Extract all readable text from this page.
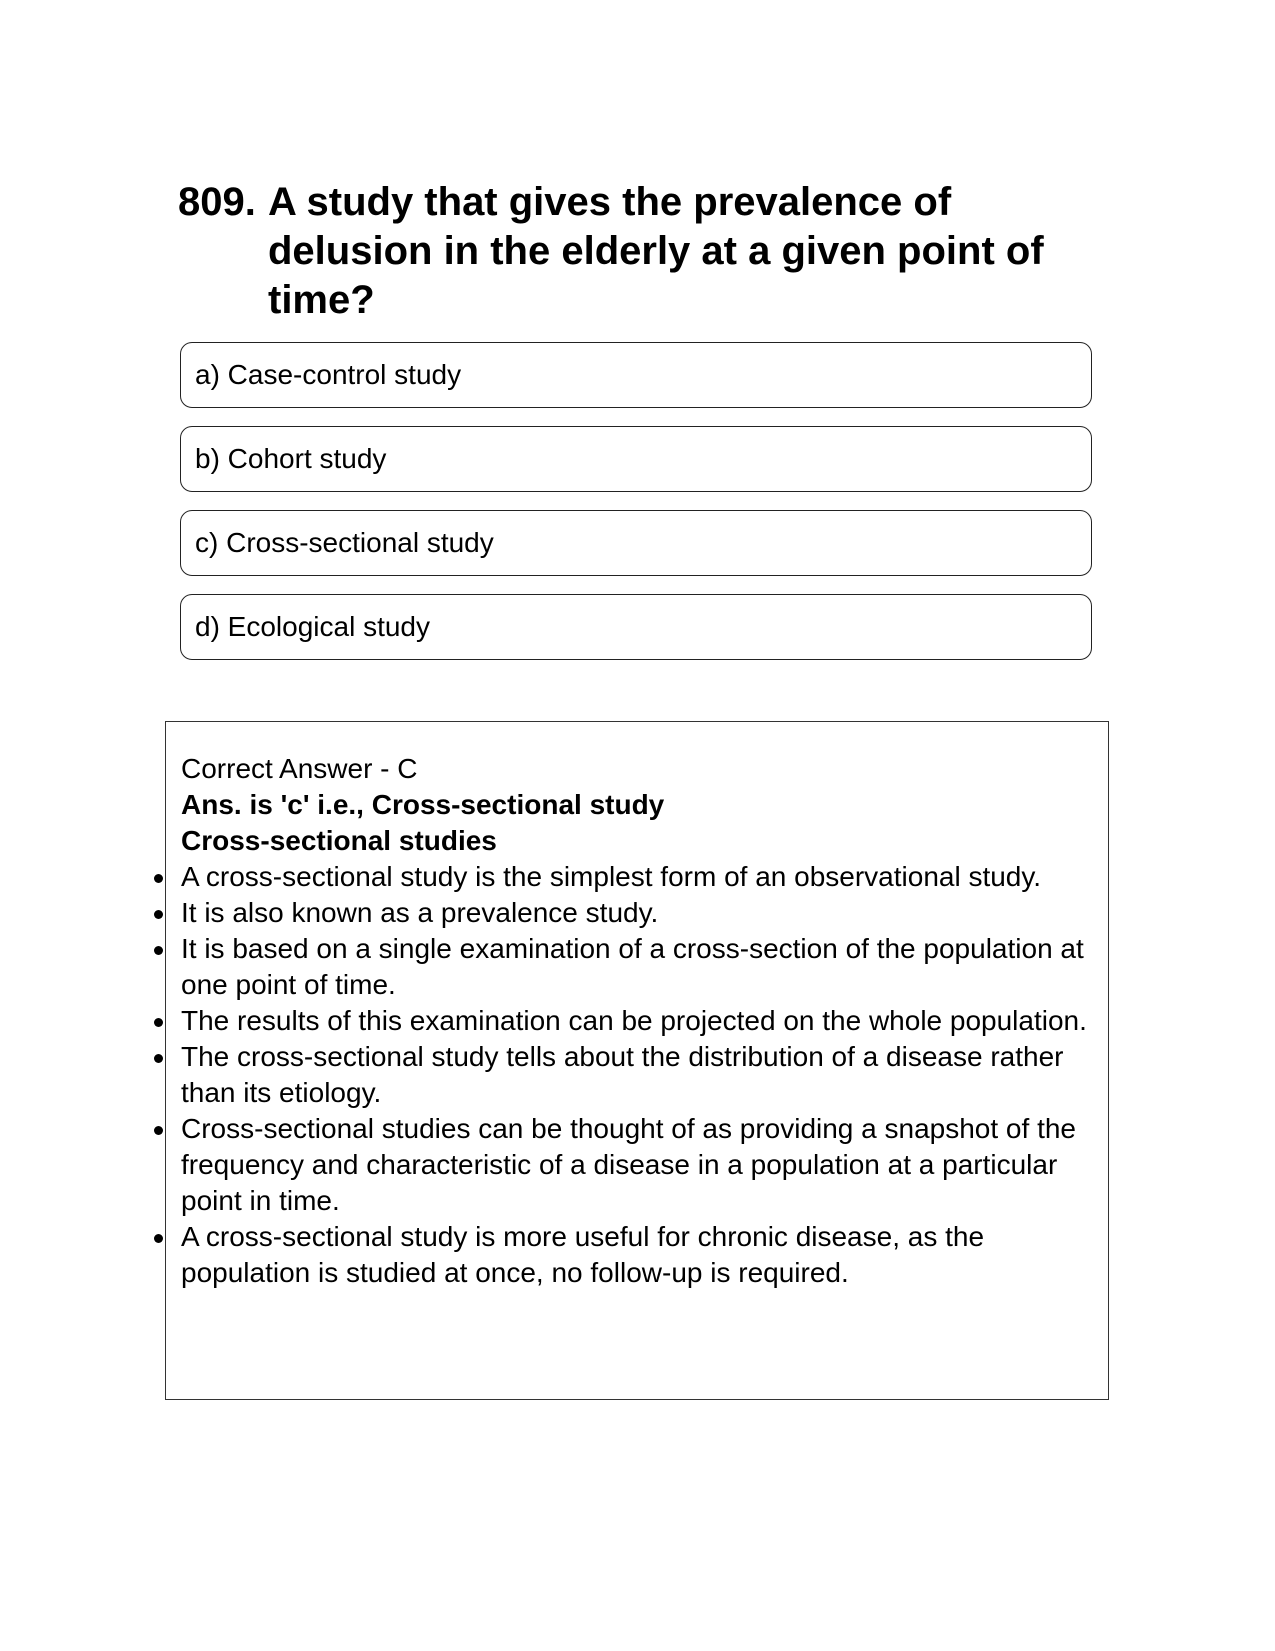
809. A study that gives the prevalence of delusion in the elderly at a given point of time?
a) Case-control study
b) Cohort study
c) Cross-sectional study
d) Ecological study

Correct Answer - C

Ans. is 'c' i.e., Cross-sectional study

Cross-sectional studies

A cross-sectional study is the simplest form of an observational study.
It is also known as a prevalence study.
It is based on a single examination of a cross-section of the population at one point of time.
The results of this examination can be projected on the whole population.
The cross-sectional study tells about the distribution of a disease rather than its etiology.
Cross-sectional studies can be thought of as providing a snapshot of the frequency and characteristic of a disease in a population at a particular point in time.
A cross-sectional study is more useful for chronic disease, as the population is studied at once, no follow-up is required.
